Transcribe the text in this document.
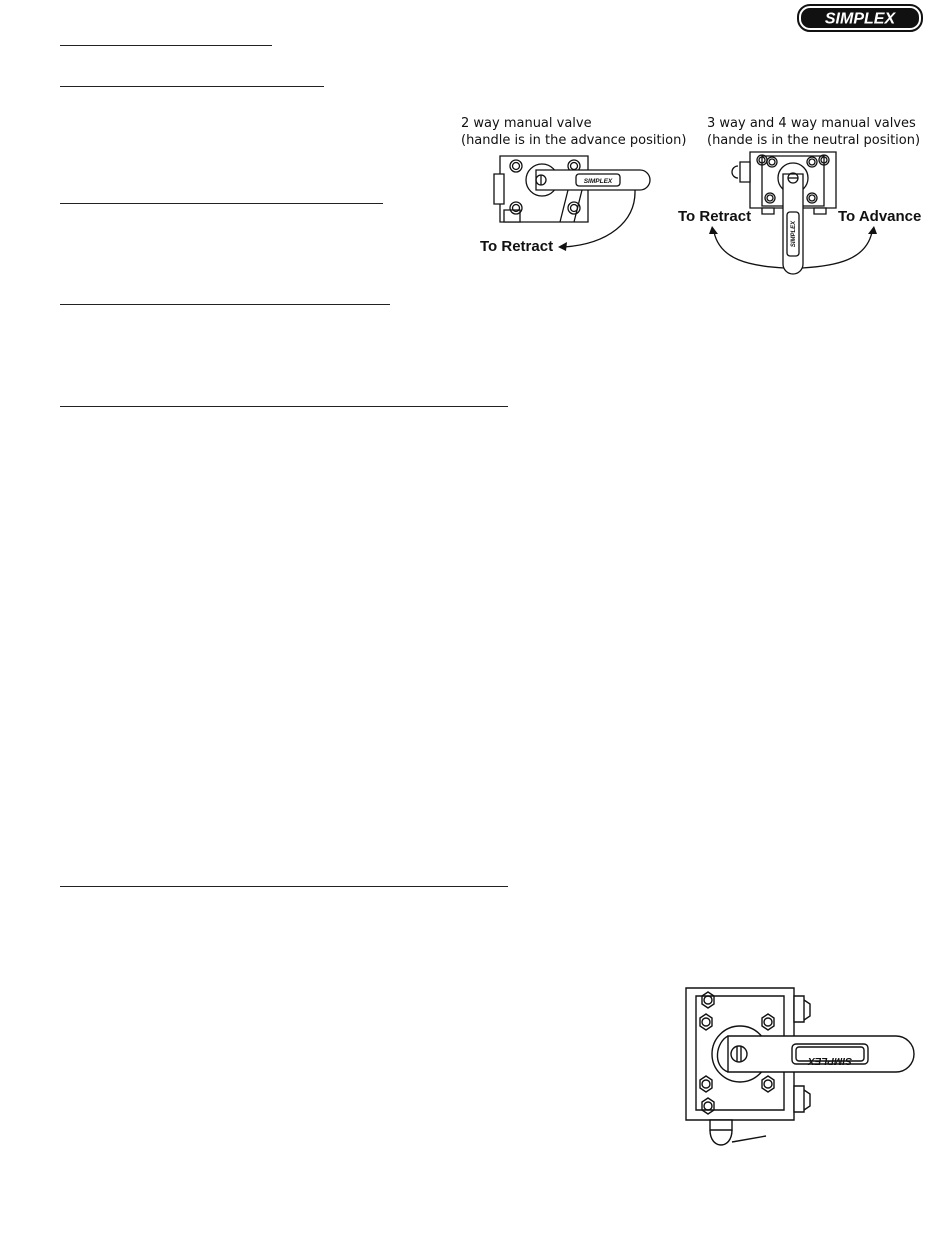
SIMPLEX
2 way manual valve
(handle is in the advance position)
3 way and 4 way manual valves
(hande is in the neutral position)
SIMPLEX
To Retract	SIMPLEX
To Retract	To Advance
SIMPLEX
